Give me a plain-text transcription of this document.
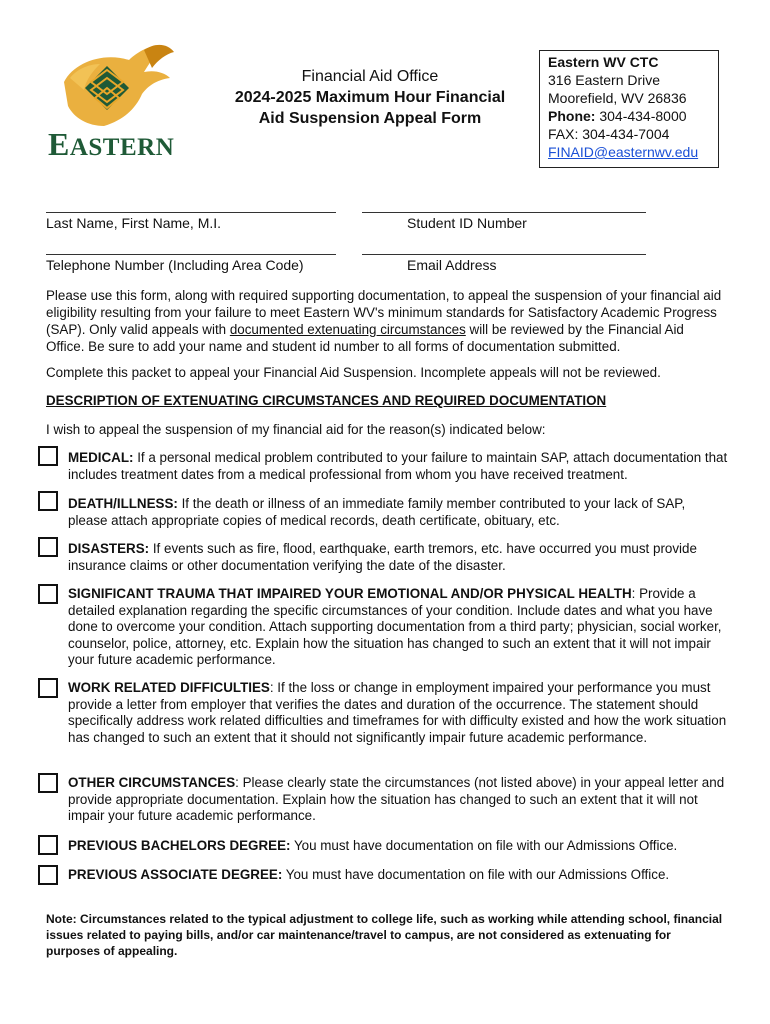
EASTERN
Financial Aid Office
2024-2025 Maximum Hour Financial
Aid Suspension Appeal Form
Eastern WV CTC
316 Eastern Drive
Moorefield, WV 26836
Phone: 304-434-8000
FAX: 304-434-7004
FINAID@easternwv.edu
Last Name, First Name, M.I.	Student ID Number
Telephone Number (Including Area Code)	Email Address
Please use this form, along with required supporting documentation, to appeal the suspension of your financial aid eligibility resulting from your failure to meet Eastern WV's minimum standards for Satisfactory Academic Progress (SAP). Only valid appeals with documented extenuating circumstances will be reviewed by the Financial Aid Office. Be sure to add your name and student id number to all forms of documentation submitted.
Complete this packet to appeal your Financial Aid Suspension. Incomplete appeals will not be reviewed.
DESCRIPTION OF EXTENUATING CIRCUMSTANCES AND REQUIRED DOCUMENTATION
I wish to appeal the suspension of my financial aid for the reason(s) indicated below:
MEDICAL: If a personal medical problem contributed to your failure to maintain SAP, attach documentation that includes treatment dates from a medical professional from whom you have received treatment.
DEATH/ILLNESS: If the death or illness of an immediate family member contributed to your lack of SAP, please attach appropriate copies of medical records, death certificate, obituary, etc.
DISASTERS: If events such as fire, flood, earthquake, earth tremors, etc. have occurred you must provide insurance claims or other documentation verifying the date of the disaster.
SIGNIFICANT TRAUMA THAT IMPAIRED YOUR EMOTIONAL AND/OR PHYSICAL HEALTH: Provide a detailed explanation regarding the specific circumstances of your condition. Include dates and what you have done to overcome your condition. Attach supporting documentation from a third party; physician, social worker, counselor, police, attorney, etc. Explain how the situation has changed to such an extent that it will not impair your future academic performance.
WORK RELATED DIFFICULTIES: If the loss or change in employment impaired your performance you must provide a letter from employer that verifies the dates and duration of the occurrence. The statement should specifically address work related difficulties and timeframes for with difficulty existed and how the work situation has changed to such an extent that it should not significantly impair future academic performance.
OTHER CIRCUMSTANCES: Please clearly state the circumstances (not listed above) in your appeal letter and provide appropriate documentation. Explain how the situation has changed to such an extent that it will not impair your future academic performance.
PREVIOUS BACHELORS DEGREE: You must have documentation on file with our Admissions Office.
PREVIOUS ASSOCIATE DEGREE: You must have documentation on file with our Admissions Office.
Note: Circumstances related to the typical adjustment to college life, such as working while attending school, financial issues related to paying bills, and/or car maintenance/travel to campus, are not considered as extenuating for purposes of appealing.
